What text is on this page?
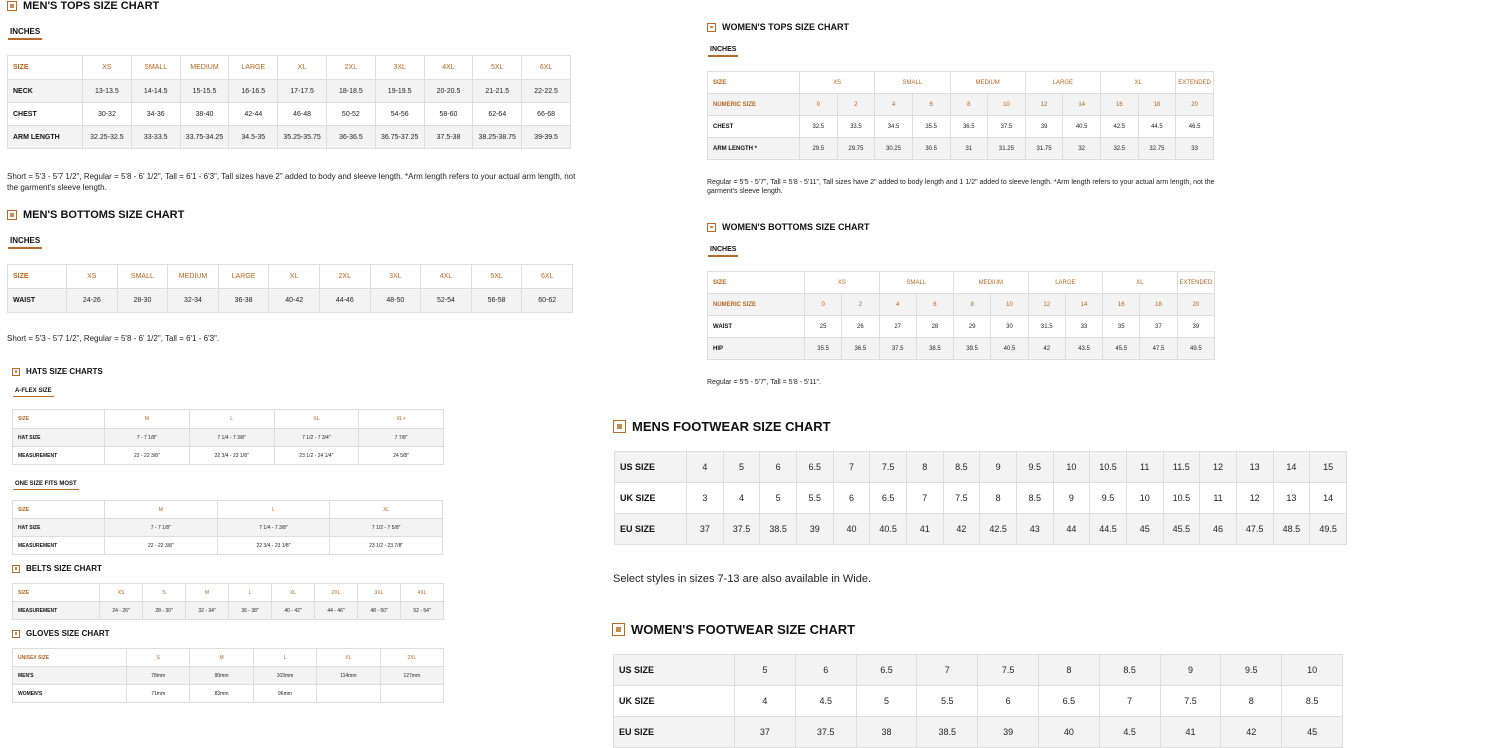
MEN'S TOPS SIZE CHART
INCHES
SIZE	XS	SMALL	MEDIUM	LARGE	XL	2XL	3XL	4XL	5XL	6XL
NECK	13-13.5	14-14.5	15-15.5	16-16.5	17-17.5	18-18.5	19-19.5	20-20.5	21-21.5	22-22.5
CHEST	30-32	34-36	38-40	42-44	46-48	50-52	54-56	58-60	62-64	66-68
ARM LENGTH	32.25-32.5	33-33.5	33.75-34.25	34.5-35	35.25-35.75	36-36.5	36.75-37.25	37.5-38	38.25-38.75	39-39.5
Short = 5'3 - 5'7 1/2", Regular = 5'8 - 6' 1/2", Tall = 6'1 - 6'3", Tall sizes have 2" added to body and sleeve length. *Arm length refers to your actual arm length, not the garment's sleeve length.
MEN'S BOTTOMS SIZE CHART
INCHES
SIZE	XS	SMALL	MEDIUM	LARGE	XL	2XL	3XL	4XL	5XL	6XL
WAIST	24-26	28-30	32-34	36-38	40-42	44-46	48-50	52-54	56-58	60-62
Short = 5'3 - 5'7 1/2", Regular = 5'8 - 6' 1/2", Tall = 6'1 - 6'3".
HATS SIZE CHARTS
A-FLEX SIZE
SIZE	M	L	XL	XL+
HAT SIZE	7 - 7 1/8"	7 1/4 - 7 3/8"	7 1/2 - 7 3/4"	7 7/8"
MEASUREMENT	22 - 22 3/8"	22 3/4 - 23 1/8"	23 1/2 - 24 1/4"	24 5/8"
ONE SIZE FITS MOST
SIZE	M	L	XL
HAT SIZE	7 - 7 1/8"	7 1/4 - 7 3/8"	7 1/2 - 7 5/8"
MEASUREMENT	22 - 22 3/8"	22 3/4 - 23 1/8"	23 1/2 - 23 7/8"
BELTS SIZE CHART
SIZE	XS	S	M	L	XL	2XL	3XL	4XL
MEASUREMENT	24 - 26"	28 - 30"	32 - 34"	36 - 38"	40 - 42"	44 - 46"	48 - 50"	52 - 54"
GLOVES SIZE CHART
UNISEX SIZE	S	M	L	XL	2XL
MEN'S	78mm	90mm	103mm	114mm	127mm
WOMEN'S	71mm	83mm	96mm		
WOMEN'S TOPS SIZE CHART
INCHES
SIZE	XS		SMALL		MEDIUM		LARGE		XL		EXTENDED
NUMERIC SIZE	0	2	4	6	8	10	12	14	16	18	20
CHEST	32.5	33.5	34.5	35.5	36.5	37.5	39	40.5	42.5	44.5	46.5
ARM LENGTH *	29.5	29.75	30.25	30.5	31	31.25	31.75	32	32.5	32.75	33
Regular = 5'5 - 5'7", Tall = 5'8 - 5'11", Tall sizes have 2" added to body length and 1 1/2" added to sleeve length. *Arm length refers to your actual arm length, not the garment's sleeve length.
WOMEN'S BOTTOMS SIZE CHART
INCHES
SIZE	XS		SMALL		MEDIUM		LARGE		XL		EXTENDED
NUMERIC SIZE	0	2	4	6	8	10	12	14	16	18	20
WAIST	25	26	27	28	29	30	31.5	33	35	37	39
HIP	35.5	36.5	37.5	38.5	39.5	40.5	42	43.5	45.5	47.5	49.5
Regular = 5'5 - 5'7", Tall = 5'8 - 5'11".
MENS FOOTWEAR SIZE CHART
US SIZE	4	5	6	6.5	7	7.5	8	8.5	9	9.5	10	10.5	11	11.5	12	13	14	15
UK SIZE	3	4	5	5.5	6	6.5	7	7.5	8	8.5	9	9.5	10	10.5	11	12	13	14
EU SIZE	37	37.5	38.5	39	40	40.5	41	42	42.5	43	44	44.5	45	45.5	46	47.5	48.5	49.5
Select styles in sizes 7-13 are also available in Wide.
WOMEN'S FOOTWEAR SIZE CHART
US SIZE	5	6	6.5	7	7.5	8	8.5	9	9.5	10
UK SIZE	4	4.5	5	5.5	6	6.5	7	7.5	8	8.5
EU SIZE	37	37.5	38	38.5	39	40	4.5	41	42	45
